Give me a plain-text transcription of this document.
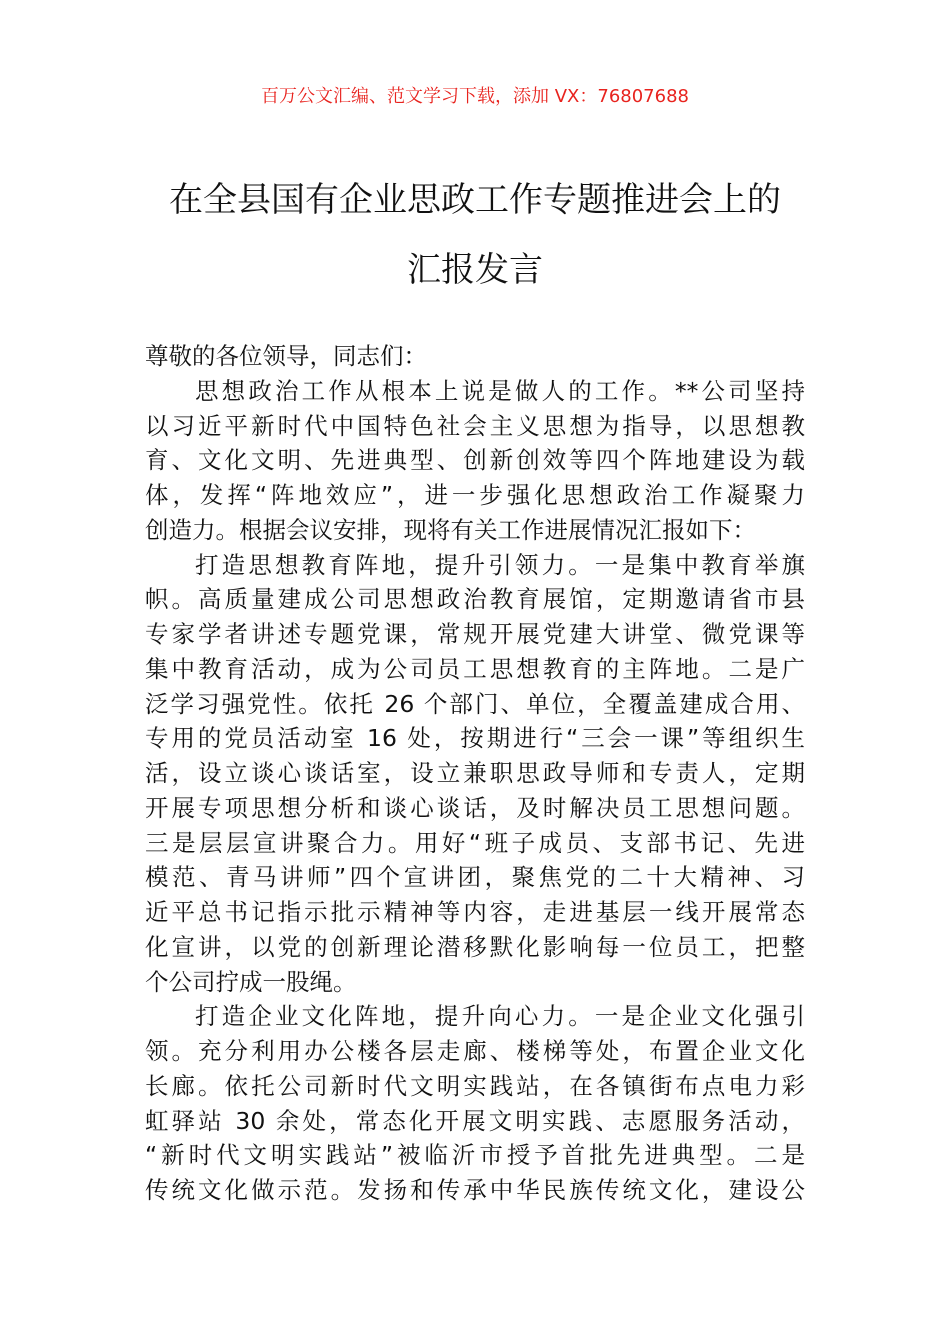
百万公文汇编、范文学习下载，添加 VX：76807688
在全县国有企业思政工作专题推进会上的
汇报发言
尊敬的各位领导，同志们：
思想政治工作从根本上说是做人的工作。**公司坚持
以习近平新时代中国特色社会主义思想为指导，以思想教
育、文化文明、先进典型、创新创效等四个阵地建设为载
体，发挥“阵地效应”，进一步强化思想政治工作凝聚力
创造力。根据会议安排，现将有关工作进展情况汇报如下：
打造思想教育阵地，提升引领力。一是集中教育举旗
帜。高质量建成公司思想政治教育展馆，定期邀请省市县
专家学者讲述专题党课，常规开展党建大讲堂、微党课等
集中教育活动，成为公司员工思想教育的主阵地。二是广
泛学习强党性。依托 26 个部门、单位，全覆盖建成合用、
专用的党员活动室 16 处，按期进行“三会一课”等组织生
活，设立谈心谈话室，设立兼职思政导师和专责人，定期
开展专项思想分析和谈心谈话，及时解决员工思想问题。
三是层层宣讲聚合力。用好“班子成员、支部书记、先进
模范、青马讲师”四个宣讲团，聚焦党的二十大精神、习
近平总书记指示批示精神等内容，走进基层一线开展常态
化宣讲，以党的创新理论潜移默化影响每一位员工，把整
个公司拧成一股绳。
打造企业文化阵地，提升向心力。一是企业文化强引
领。充分利用办公楼各层走廊、楼梯等处，布置企业文化
长廊。依托公司新时代文明实践站，在各镇街布点电力彩
虹驿站 30 余处，常态化开展文明实践、志愿服务活动，
“新时代文明实践站”被临沂市授予首批先进典型。二是
传统文化做示范。发扬和传承中华民族传统文化，建设公
